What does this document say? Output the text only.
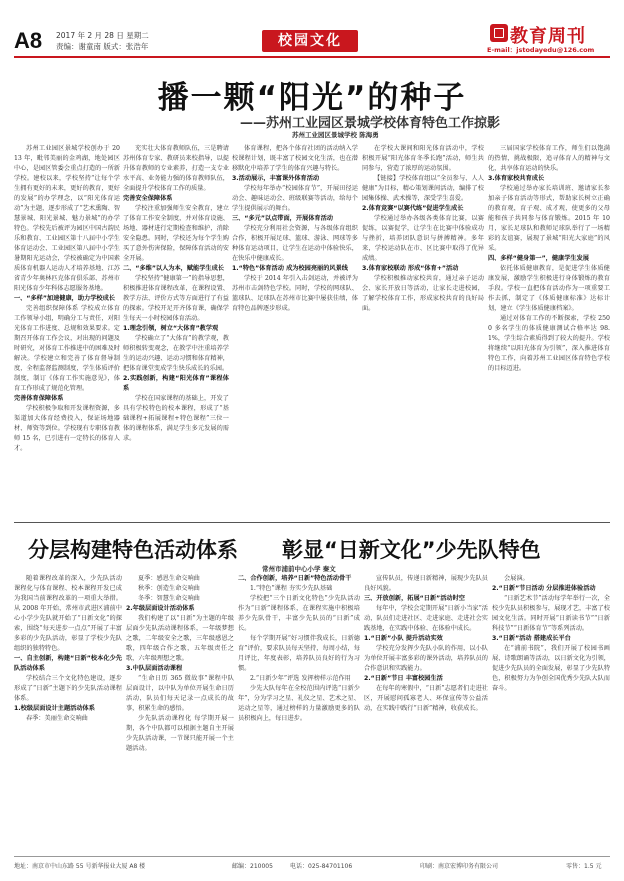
A8 2017 年 2 月 28 日 星期二
责编：谢童南 版式：张浩年	校园文化	教育周刊
E-mail：jstodayedu@126.com
播一颗“阳光”的种子
——苏州工业园区景城学校体育特色工作掠影
苏州工业园区景城学校 陈海勇

苏州工业园区景城学校创办于 2013 年，毗邻美丽的金鸡湖，地处园区中心，是园区管委会重点打造的一所新学校。建校以来，学校坚持“让每个学生拥有更好的未来，更好的教育，更好的发展”的办学理念，以“阳光体育运动”为主题，逐步形成了“艺术熏陶、智慧景城、阳光景城、魅力景城”的办学特色。学校先后被评为园区中国古韵民乐和教育、工业园区第十八届中小学生体育运动会、工业园区第八届中小学生暑期阳光运动会，学校被确定为中国素质体育机器人运动人才培养基地、江苏省青少年奥林匹克体育俱乐部、苏州市阳光体育少年科体志愿服务基地。

一、“多样”加速健康，助力学校成长

完善组织保障体系 学校成立体育工作领导小组，明确分工与责任，对阳光体育工作进度、总规和效果要求。定期召开体育工作会议，对出现的问题及时研究，对体育工作推进中的困难及时解决。学校建立和完善了体育督导制度，全程监督监测制度，学生体质评价制度，制订《体育工作实施意见》，体育工作形成了规范化管理。

完善体育保障体系

学校积极争取和开发课程资源，多渠道加大体育经费投入，保证场地器材、师资等到位。学校现有专职体育教师 15 名，已引进有一定特长的体育人才。

充实壮大体育教师队伍，三是聘请苏州体育专家、教研员来校指导，以提升体育教师的专业素养，打造一支专业水平高、业务能力强的体育教师队伍，全面提升学校体育工作的质量。

完善安全保障体系

学校注重加强师生安全教育，建立了体育工作安全制度，并对体育设施、场地、器材进行定期检查和维护，消除安全隐患。同时，学校还为每个学生购买了意外伤害保险，保障体育活动的安全开展。

二、“多维”以人为本，赋能学生成长

学校坚持“健康第一”的指导思想，积极推进体育课程改革，在课程设置、教学方法、评价方式等方面进行了有益的探索。学校开足开齐体育课，确保学生每天一小时校园体育活动。

1.理念引领，树立“大体育”教学观

学校确立了“大体育”的教学观，教师积极转变观念，在教学中注重培养学生的运动兴趣、运动习惯和体育精神，把体育课堂变成学生快乐成长的乐园。

2.实践创新，构建“阳光体育”课程体系

学校在国家课程的基础上，开发了具有学校特色的校本课程，形成了“基础课程+拓展课程+特色课程”三位一体的课程体系，满足学生多元发展的需求。

体育课程，把各个体育社团的活动纳入学校课程计划，既丰富了校园文化生活，也在潜移默化中培养了学生的体育兴趣与特长。

3.活动展示，丰富课外体育活动

学校每年举办“校园体育节”，开展田径运动会、趣味运动会、班级联赛等活动，给每个学生提供展示的舞台。

三、“多元”以点带面，开展体育活动

学校充分利用社会资源，与各级体育组织合作，积极开展足球、篮球、游泳、网球等多种体育运动项目，让学生在运动中体验快乐，在快乐中健康成长。

1.“特色”体育活动 成为校园亮丽的风景线

学校于 2014 年引入击剑运动，并被评为苏州市击剑特色学校。同时，学校的网球队、篮球队、足球队在苏州市比赛中屡获佳绩，体育特色品牌逐步形成。

在学校大课间和阳光体育活动中，学校积极开展“阳光体育冬季长跑”活动，师生共同参与，营造了浓厚的运动氛围。

【链接】学校体育组以“全员参与、人人健康”为目标，精心策划课间活动，编排了校园集体操、武术操等，深受学生喜爱。

2.体育竞赛“以赛代练”促进学生成长

学校通过举办各级各类体育比赛，以赛促练，以赛促学，让学生在比赛中体验成功与挫折，培养团队意识与拼搏精神。多年来，学校运动队在市、区比赛中取得了优异成绩。

3.体育家校联动 形成“体育+”活动

学校积极推动家校共育，通过亲子运动会、家长开放日等活动，让家长走进校园，了解学校体育工作，形成家校共育的良好局面。

三届国家学校体育工作，师生们以饱满的热情，挑战极限，追寻体育人的精神与文化，共享体育运动的快乐。

3.体育家校共育成长

学校通过举办家长培训班、邀请家长参加亲子体育活动等形式，帮助家长树立正确的教育观，育子观、成才观，使更多的父母能和孩子共同参与体育锻炼。2015 年 10 月，家长足球队和教师足球队举行了一场精彩的友谊赛，展现了景城“阳光大家庭”的风采。

四、多样“健身第一”，健康学生发展

依托体质健康教育，是促进学生体质健康发展，激励学生积极进行身体锻炼的教育手段。学校一直把体育活动作为一项重要工作去抓，制定了《体质健康标准》达标计划，建立《学生体质健康档案》。

通过对体育工作的不断探索，学校 2500 多名学生的体质健康测试合格率达 98.1%，学生综合素质得到了较大的提升。学校将继续“以阳光体育为引领”，深入推进体育特色工作，向着苏州工业园区体育特色学校的目标迈进。

分层构建特色活动体系 彰显“日新文化”少先队特色
常州市浦前中心小学 秦文

随着课程改革的深入，少先队活动课程化与体育课程、校本课程开发已成为我国当前课程改革的一项重大举措。从 2008 年开始，常州市武进区浦前中心小学少先队就开始了“日新文化”的探索，围绕“每天进步一点点”开展了丰富多彩的少先队活动，彰显了学校少先队组织的独特特色。

一、自主创新，构建“日新”校本化少先队活动体系

学校结合三个文化特色建设，逐步形成了“日新”主题下的少先队活动课程体系。

1.校级层面设计主题活动体系

春季：美丽生命交响曲

夏季：感恩生命交响曲

秋季：创造生命交响曲

冬季：智慧生命交响曲

2.年级层面设计活动体系

我们构建了以“日新”为主题的年级层面少先队活动课程体系，一年级梦想之歌，二年级安全之歌，三年级感恩之歌，四年级合作之歌，五年级责任之歌，六年级理想之歌。

3.中队层面活动课程

“生命日历 365 微故事”课程中队层面设计，以中队为单位开展生命日历活动，队员们每天记录一点成长的故事，积累生命的感悟。

少先队活动课程化 每学期开展一期，各个中队都可以根据主题自主开展少先队活动课，一节课只能开展一个主题活动。

二、合作创新，培养“日新”特色活动骨干

1.“特色”课程 夯实少先队基础

学校把“三个日新文化特色”少先队活动作为“日新”课程体系，在课程实施中积极培养少先队骨干，丰富少先队员的“日新”成长。

每个学期开展“好习惯伴我成长，日新德育”评价，要求队员每天坚持，每周小结，每月评比，年度表彰，培养队员良好的行为习惯。

2.“日新少年”评选 发挥榜样示范作用

少先大队每年在全校范围内评选“日新少年”，分为学习之星、礼仪之星、艺术之星、运动之星等，通过榜样的力量激励更多的队员积极向上，每日进步。

宣传队员，传递日新精神，展现少先队员良好风貌。

三、开放创新，拓展“日新”活动时空

每年中，学校会定期开展“日新小当家”活动，队员们走进社区、走进家庭、走进社会实践基地，在实践中体验、在体验中成长。

1.“日新”小队 提升活动实效

学校充分发挥少先队小队的作用，以小队为单位开展丰富多彩的课外活动，培养队员的合作意识和实践能力。

2.“日新”节日 丰富校园生活

在每年的寒假中，“日新”志愿者们走进社区，开展慰问孤寡老人、环保宣传等公益活动，在实践中践行“日新”精神，收获成长。

会展演。

2.“日新”节日活动 分层推进体验活动

“日新艺术节”活动每学年举行一次，全校少先队员积极参与，展现才艺，丰富了校园文化生活。同时开展“日新读书节”“日新科技节”“日新体育节”等系列活动。

3.“日新”活动 搭建成长平台

在“浦前书院”，我们开展了校园书画展、诗歌朗诵等活动，以日新文化为引领，促进少先队员的全面发展，彰显了少先队特色，积极努力为争创全国优秀少先队大队而奋斗。

地址：南京市中山东路 55 号新华报业大厦 A8 楼	邮编：210005	电话：025-84701106	印刷：南京宏博印务有限公司	零售：1.5 元
